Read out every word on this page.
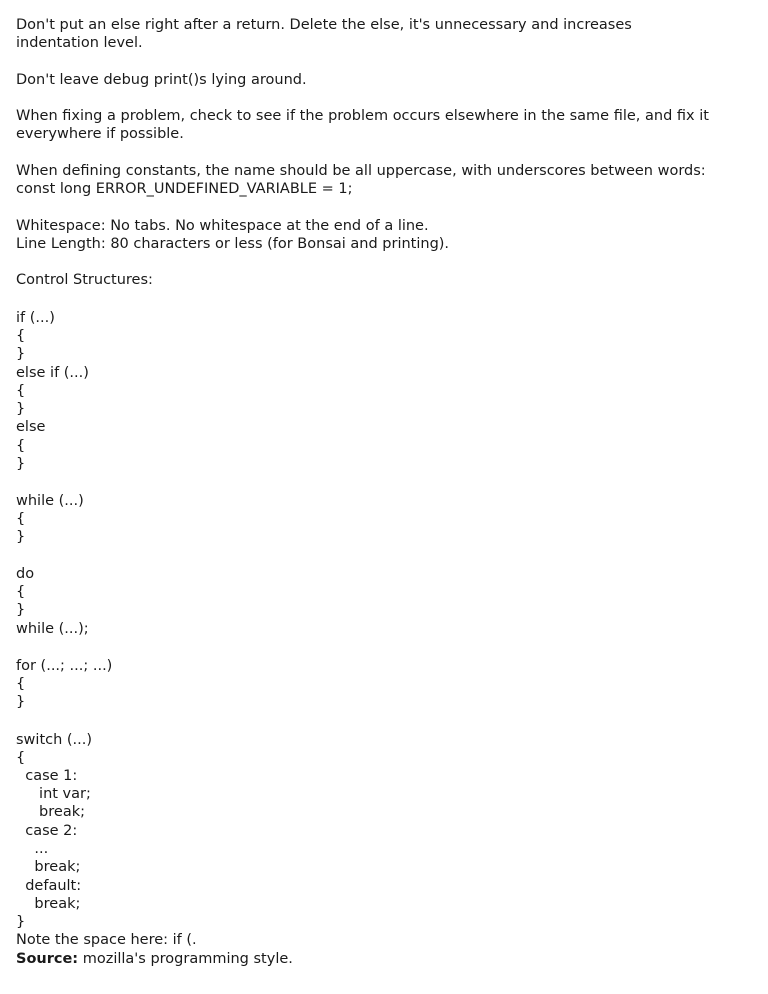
Don't put an else right after a return. Delete the else, it's unnecessary and increases
indentation level.
Don't leave debug print()s lying around.
When fixing a problem, check to see if the problem occurs elsewhere in the same file, and fix it
everywhere if possible.
When defining constants, the name should be all uppercase, with underscores between words:
const long ERROR_UNDEFINED_VARIABLE = 1;
Whitespace: No tabs. No whitespace at the end of a line.
Line Length: 80 characters or less (for Bonsai and printing).
Control Structures:
if (...)
{
}
else if (...)
{
}
else
{
}
while (...)
{
}
do
{
}
while (...);
for (...; ...; ...)
{
}
switch (...)
{
case 1:
int var;
break;
case 2:
...
break;
default:
break;
}
Note the space here: if (.
Source: mozilla's programming style.
